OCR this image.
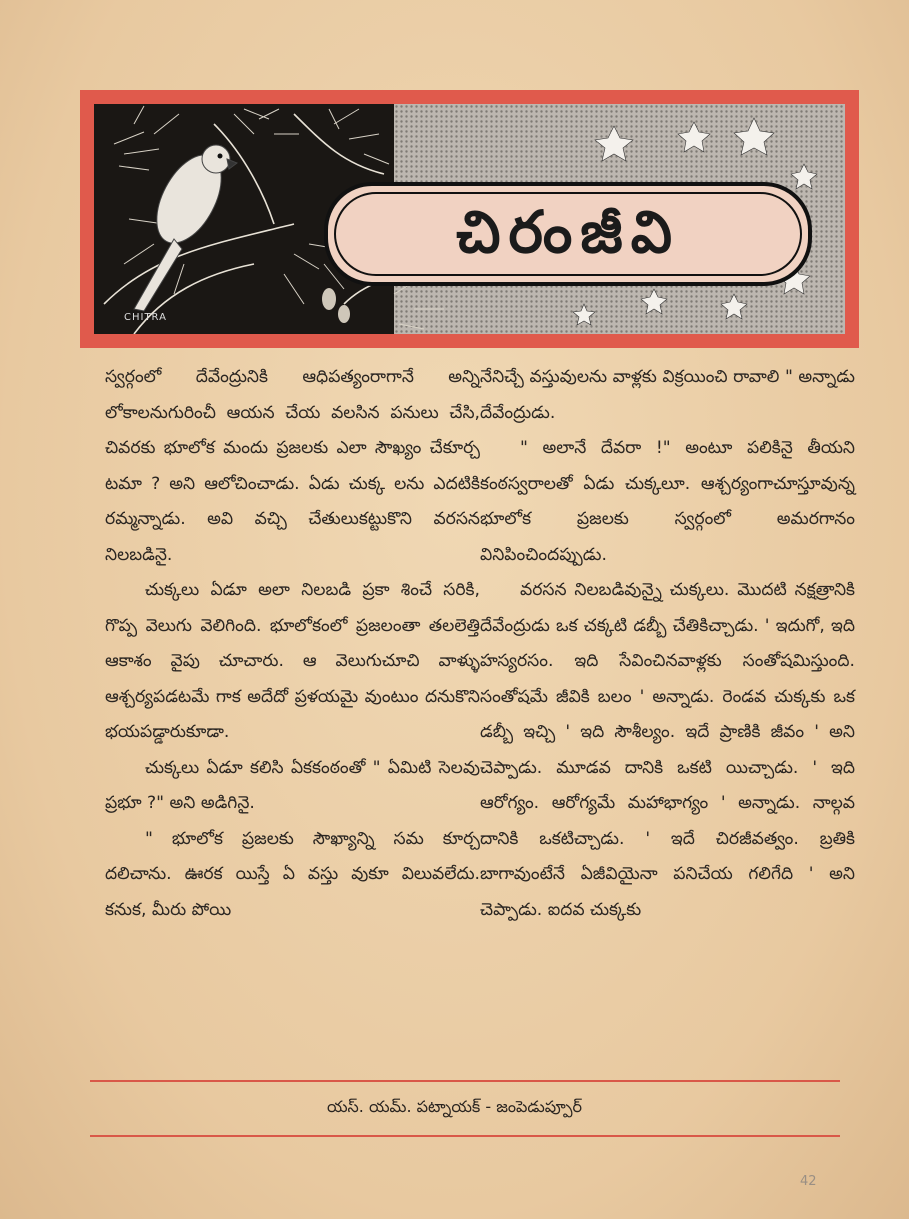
చిరంజీవి
CHITRA

స్వర్గంలో దేవేంద్రునికి ఆధిపత్యంరాగానే అన్ని లోకాలనుగురించీ ఆయన చేయ వలసిన పనులు చేసి, చివరకు భూలోక మందు ప్రజలకు ఎలా సౌఖ్యం చేకూర్చ టమా ? అని ఆలోచించాడు. ఏడు చుక్క లను ఎదటికి రమ్మన్నాడు. అవి వచ్చి చేతులుకట్టుకొని వరసన నిలబడినై.

చుక్కలు ఏడూ అలా నిలబడి ప్రకా శించే సరికి, గొప్ప వెలుగు వెలిగింది. భూలోకంలో ప్రజలంతా తలలెత్తి ఆకాశం వైపు చూచారు. ఆ వెలుగుచూచి వాళ్ళు ఆశ్చర్యపడటమే గాక అదేదో ప్రళయమై వుంటుం దనుకొని భయపడ్డారుకూడా.

చుక్కలు ఏడూ కలిసి ఏకకంఠంతో " ఏమిటి సెలవు ప్రభూ ?" అని అడిగినై.

" భూలోక ప్రజలకు సౌఖ్యాన్ని సమ కూర్చ దలిచాను. ఊరక యిస్తే ఏ వస్తు వుకూ విలువలేదు. కనుక, మీరు పోయి

నేనిచ్చే వస్తువులను వాళ్లకు విక్రయించి రావాలి " అన్నాడు దేవేంద్రుడు.

" అలానే దేవరా !" అంటూ పలికినై తీయని కంఠస్వరాలతో ఏడు చుక్కలూ. ఆశ్చర్యంగాచూస్తూవున్న భూలోక ప్రజలకు స్వర్గంలో అమరగానం వినిపించిందప్పుడు.

వరసన నిలబడివున్నై చుక్కలు. మొదటి నక్షత్రానికి దేవేంద్రుడు ఒక చక్కటి డబ్బీ చేతికిచ్చాడు. ' ఇదుగో, ఇది హస్యరసం. ఇది సేవించినవాళ్లకు సంతోషమిస్తుంది. సంతోషమే జీవికి బలం ' అన్నాడు. రెండవ చుక్కకు ఒక డబ్బీ ఇచ్చి ' ఇది సౌశీల్యం. ఇదే ప్రాణికి జీవం ' అని చెప్పాడు. మూడవ దానికి ఒకటి యిచ్చాడు. ' ఇది ఆరోగ్యం. ఆరోగ్యమే మహాభాగ్యం ' అన్నాడు. నాల్గవ దానికి ఒకటిచ్చాడు. ' ఇదే చిరజీవత్వం. బ్రతికి బాగావుంటేనే ఏజీవియైనా పనిచేయ గలిగేది ' అని చెప్పాడు. ఐదవ చుక్కకు

యస్. యమ్. పట్నాయక్ - జంపెడుప్పూర్
42
